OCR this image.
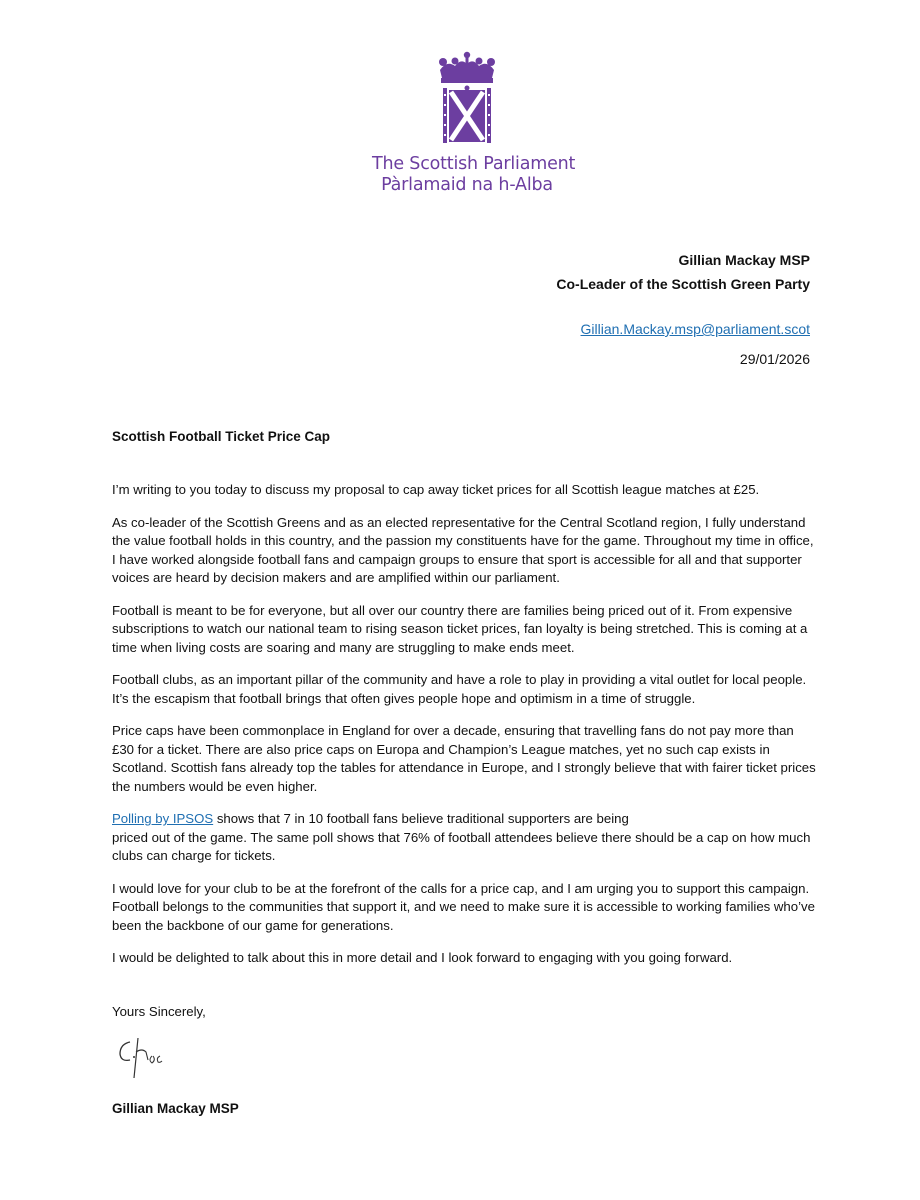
The Scottish Parliament
Pàrlamaid na h-Alba
Gillian Mackay MSP
Co-Leader of the Scottish Green Party
Gillian.Mackay.msp@parliament.scot
29/01/2026
Scottish Football Ticket Price Cap

I’m writing to you today to discuss my proposal to cap away ticket prices for all Scottish league matches at £25.

As co-leader of the Scottish Greens and as an elected representative for the Central Scotland region, I fully understand the value football holds in this country, and the passion my constituents have for the game. Throughout my time in office, I have worked alongside football fans and campaign groups to ensure that sport is accessible for all and that supporter voices are heard by decision makers and are amplified within our parliament.

Football is meant to be for everyone, but all over our country there are families being priced out of it. From expensive subscriptions to watch our national team to rising season ticket prices, fan loyalty is being stretched. This is coming at a time when living costs are soaring and many are struggling to make ends meet.

Football clubs, as an important pillar of the community and have a role to play in providing a vital outlet for local people. It’s the escapism that football brings that often gives people hope and optimism in a time of struggle.

Price caps have been commonplace in England for over a decade, ensuring that travelling fans do not pay more than £30 for a ticket. There are also price caps on Europa and Champion’s League matches, yet no such cap exists in Scotland. Scottish fans already top the tables for attendance in Europe, and I strongly believe that with fairer ticket prices the numbers would be even higher.

Polling by IPSOS shows that 7 in 10 football fans believe traditional supporters are being
priced out of the game. The same poll shows that 76% of football attendees believe there should be a cap on how much clubs can charge for tickets.

I would love for your club to be at the forefront of the calls for a price cap, and I am urging you to support this campaign. Football belongs to the communities that support it, and we need to make sure it is accessible to working families who’ve been the backbone of our game for generations.

I would be delighted to talk about this in more detail and I look forward to engaging with you going forward.

Yours Sincerely,
Gillian Mackay MSP
